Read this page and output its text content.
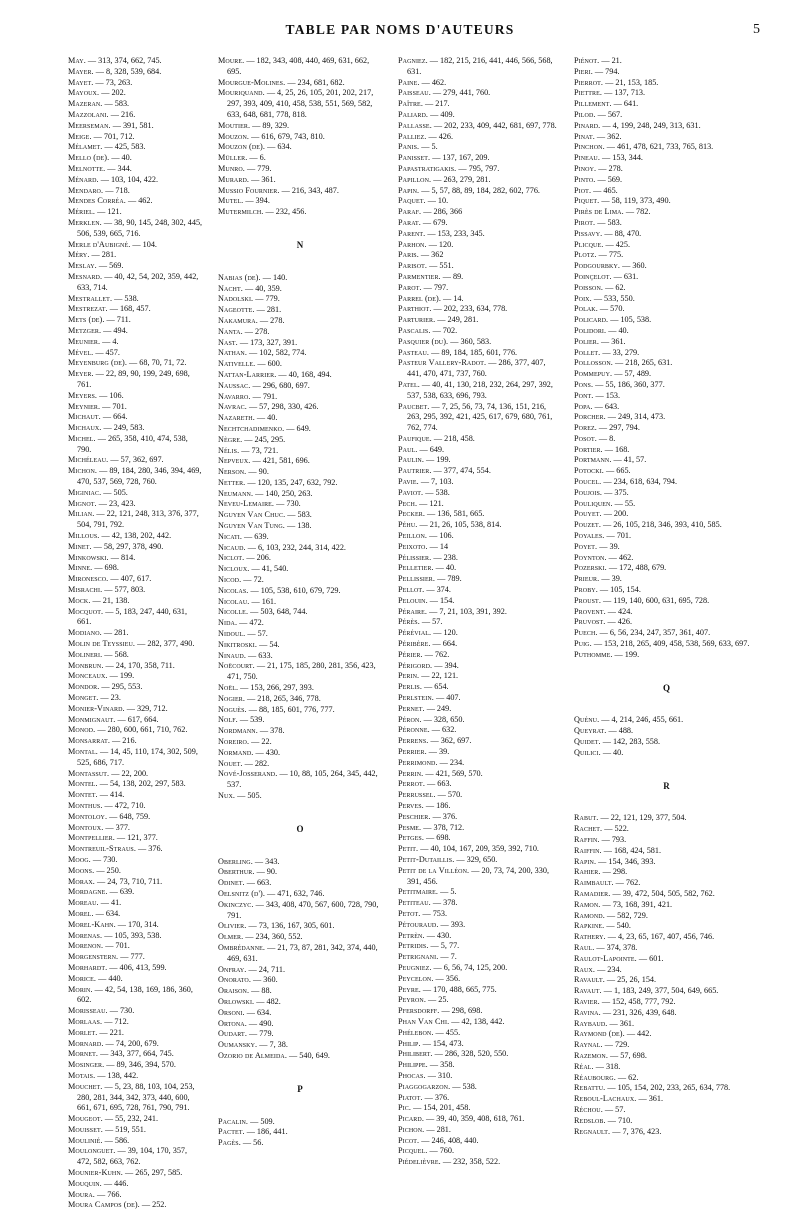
TABLE PAR NOMS D'AUTEURS	5
May. — 313, 374, 662, 745.
Mayer. — 8, 328, 539, 684.
Mayet. — 73, 263.
Mayoux. — 202.
Mazeran. — 583.
Mazzolani. — 216.
Meerseman. — 391, 581.
Meige. — 701, 712.
Mélamet. — 425, 583.
Mello (de). — 40.
Melnotte. — 344.
Ménard. — 103, 104, 422.
Mendaro. — 718.
Mendes Corréa. — 462.
Mériel. — 121.
Merklen. — 38, 90, 145, 248, 302, 445, 506, 539, 665, 716.
Merle d'Aubigné. — 104.
Méry. — 281.
Meslay. — 569.
Mesnard. — 40, 42, 54, 202, 359, 442, 633, 714.
Mestrallet. — 538.
Mestrezat. — 168, 457.
Mets (de). — 711.
Metzger. — 494.
Meunier. — 4.
Mével. — 457.
Meyenburg (de). — 68, 70, 71, 72.
Meyer. — 22, 89, 90, 199, 249, 698, 761.
Meyers. — 106.
Meynier. — 701.
Michaut. — 664.
Michaux. — 249, 583.
Michel. — 265, 358, 410, 474, 538, 790.
Michéleau. — 57, 362, 697.
Michon. — 89, 184, 280, 346, 394, 469, 470, 537, 569, 728, 760.
Miginiac. — 505.
Mignot. — 23, 423.
Milian. — 22, 121, 248, 313, 376, 377, 504, 791, 792.
Millous. — 42, 138, 202, 442.
Minet. — 58, 297, 378, 490.
Minkowski. — 814.
Minne. — 698.
Mironesco. — 407, 617.
Misrachi. — 577, 803.
Mock. — 21, 138.
Mocquot. — 5, 183, 247, 440, 631, 661.
Modiano. — 281.
Molin de Teyssieu. — 282, 377, 490.
Molineri. — 568.
Monbrun. — 24, 170, 358, 711.
Monceaux. — 199.
Mondor. — 295, 553.
Monget. — 23.
Monier-Vinard. — 329, 712.
Monmignaut. — 617, 664.
Monod. — 280, 600, 661, 710, 762.
Monsarrat. — 216.
Montal. — 14, 45, 110, 174, 302, 509, 525, 686, 717.
Montassut. — 22, 200.
Montel. — 54, 138, 202, 297, 583.
Montet. — 414.
Monthus. — 472, 710.
Montoloy. — 648, 759.
Montoux. — 377.
Montpellier. — 121, 377.
Montreuil-Straus. — 376.
Moog. — 730.
Moons. — 250.
Morax. — 24, 73, 710, 711.
Mordagne. — 639.
Moreau. — 41.
Morel. — 634.
Morel-Kahn. — 170, 314.
Morenas. — 105, 393, 538.
Morenon. — 701.
Morgenstern. — 777.
Morhardt. — 406, 413, 599.
Morice. — 440.
Morin. — 42, 54, 138, 169, 186, 360, 602.
Morisseau. — 730.
Morlaas. — 712.
Morlet. — 221.
Mornard. — 74, 200, 679.
Mornet. — 343, 377, 664, 745.
Mosinger. — 89, 346, 394, 570.
Motais. — 138, 442.
Mouchet. — 5, 23, 88, 103, 104, 253, 280, 281, 344, 342, 373, 440, 600, 661, 671, 695, 728, 761, 790, 791.
Mougeot. — 55, 232, 241.
Mouisset. — 519, 551.
Moulinié. — 586.
Moulonguet. — 39, 104, 170, 357, 472, 582, 663, 762.
Mounier-Kuhn. — 265, 297, 585.
Mouquin. — 446.
Moura. — 766.
Moura Campos (de). — 252.
Moure. — 182, 343, 408, 440, 469, 631, 662, 695.
Mourgue-Molines. — 234, 681, 682.
Mouriquand. — 4, 25, 26, 105, 201, 202, 217, 297, 393, 409, 410, 458, 538, 551, 569, 582, 633, 648, 681, 778, 818.
Moutier. — 89, 329.
Mouzon. — 616, 679, 743, 810.
Mouzon (de). — 634.
Müller. — 6.
Munro. — 779.
Murard. — 361.
Mussio Fournier. — 216, 343, 487.
Mutel. — 394.
Mutermilch. — 232, 456.
N
Nabias (de). — 140.
Nacht. — 40, 359.
Nadolski. — 779.
Nageotte. — 281.
Nakamura. — 278.
Nanta. — 278.
Nast. — 173, 327, 391.
Nathan. — 102, 582, 774.
Nativelle. — 600.
Nattan-Larrier. — 40, 168, 494.
Naussac. — 296, 680, 697.
Navarro. — 791.
Navrac. — 57, 298, 330, 426.
Nazareth. — 40.
Nechtchadimenko. — 649.
Nègre. — 245, 295.
Nélis. — 73, 721.
Nepveux. — 421, 581, 696.
Nerson. — 90.
Netter. — 120, 135, 247, 632, 792.
Neumann. — 140, 250, 263.
Neveu-Lemaire. — 730.
Nguyen Van Chuc. — 583.
Nguyen Van Tung. — 138.
Nicati. — 639.
Nicaud. — 6, 103, 232, 244, 314, 422.
Niclot. — 206.
Nicloux. — 41, 540.
Nicod. — 72.
Nicolas. — 105, 538, 610, 679, 729.
Nicolau. — 161.
Nicolle. — 503, 648, 744.
Nida. — 472.
Nidoul. — 57.
Nikitroski. — 54.
Ninaud. — 633.
Noëcourt. — 21, 175, 185, 280, 281, 356, 423, 471, 750.
Noël. — 153, 266, 297, 393.
Nogier. — 218, 265, 346, 778.
Noguès. — 88, 185, 601, 776, 777.
Nolf. — 539.
Nordmann. — 378.
Noreiro. — 22.
Normand. — 430.
Nouet. — 282.
Nové-Josserand. — 10, 88, 105, 264, 345, 442, 537.
Nux. — 505.
O
Oberling. — 343.
Oberthur. — 90.
Odinet. — 663.
Oelsnitz (d'). — 471, 632, 746.
Okinczyc. — 343, 408, 470, 567, 600, 728, 790, 791.
Olivier. — 73, 136, 167, 305, 601.
Olmer. — 234, 360, 552.
Ombrédanne. — 21, 73, 87, 281, 342, 374, 440, 469, 631.
Onfray. — 24, 711.
Onorato. — 360.
Oraison. — 88.
Orlowski. — 482.
Orsoni. — 634.
Ortona. — 490.
Oudart. — 779.
Oumansky. — 7, 38.
Ozorio de Almeida. — 540, 649.
P
Pacalin. — 509.
Pactet. — 186, 441.
Pagès. — 56.
Pagniez. — 182, 215, 216, 441, 446, 566, 568, 631.
Paine. — 462.
Paisseau. — 279, 441, 760.
Paître. — 217.
Paliard. — 409.
Pallasse. — 202, 233, 409, 442, 681, 697, 778.
Palliez. — 426.
Panis. — 5.
Panisset. — 137, 167, 209.
Papastratigakis. — 795, 797.
Papillon. — 263, 279, 281.
Papin. — 5, 57, 88, 89, 184, 282, 602, 776.
Paquet. — 10.
Paraf. — 286, 366
Parat. — 679.
Parent. — 153, 233, 345.
Parhon. — 120.
Paris. — 362
Parisot. — 551.
Parmentier. — 89.
Parot. — 797.
Parrel (de). — 14.
Parthiot. — 202, 233, 634, 778.
Parturier. — 249, 281.
Pascalis. — 702.
Pasquier (du). — 360, 583.
Pasteau. — 89, 184, 185, 601, 776.
Pasteur Vallery-Radot. — 286, 377, 407, 441, 470, 471, 737, 760.
Patel. — 40, 41, 130, 218, 232, 264, 297, 392, 537, 538, 633, 696, 793.
Paucbet. — 7, 25, 56, 73, 74, 136, 151, 216, 263, 295, 392, 421, 425, 617, 679, 680, 761, 762, 774.
Paufique. — 218, 458.
Paul. — 649.
Paulin. — 199.
Pautrier. — 377, 474, 554.
Pavie. — 7, 103.
Paviot. — 538.
Pech. — 121.
Pecker. — 136, 581, 665.
Péhu. — 21, 26, 105, 538, 814.
Peillon. — 106.
Peixoto. — 14
Pélissier. — 238.
Pelletier. — 40.
Pellissier. — 789.
Pellot. — 374.
Pelouin. — 154.
Péraire. — 7, 21, 103, 391, 392.
Pérès. — 57.
Pérévial. — 120.
Péribère. — 664.
Périer. — 762.
Périgord. — 394.
Perin. — 22, 121.
Perlis. — 654.
Perlstein. — 407.
Pernet. — 249.
Péron. — 328, 650.
Péronne. — 632.
Perrens. — 362, 697.
Perrier. — 39.
Perrimond. — 234.
Perrin. — 421, 569, 570.
Perrot. — 663.
Perrussel. — 570.
Perves. — 186.
Peschier. — 376.
Pesme. — 378, 712.
Petges. — 698.
Petit. — 40, 104, 167, 209, 359, 392, 710.
Petit-Dutaillis. — 329, 650.
Petit de la Villéon. — 20, 73, 74, 200, 330, 391, 456.
Petitmaire. — 5.
Petiteau. — 378.
Petot. — 753.
Pétouraud. — 393.
Petrèn. — 430.
Petridis. — 5, 77.
Petrignani. — 7.
Peugniez. — 6, 56, 74, 125, 200.
Peycelon. — 356.
Peyre. — 170, 488, 665, 775.
Peyron. — 25.
Pfersdorff. — 298, 698.
Phan Van Chi. — 42, 138, 442.
Phélebon. — 455.
Philip. — 154, 473.
Philibert. — 286, 328, 520, 550.
Philippe. — 358.
Phocas. — 310.
Piaggogarzon. — 538.
Piatot. — 376.
Pic. — 154, 201, 458.
Picard. — 39, 40, 359, 408, 618, 761.
Pichon. — 281.
Picot. — 246, 408, 440.
Picquel. — 760.
Piédelièvre. — 232, 358, 522.
Piénot. — 21.
Pieri. — 794.
Pierrot. — 21, 153, 185.
Piettre. — 137, 713.
Pillement. — 641.
Pilod. — 567.
Pinard. — 4, 199, 248, 249, 313, 631.
Pinat. — 362.
Pinchon. — 461, 478, 621, 733, 765, 813.
Pineau. — 153, 344.
Pinoy. — 278.
Pinto. — 569.
Piot. — 465.
Piquet. — 58, 119, 373, 490.
Pirès de Lima. — 782.
Pirot. — 583.
Pissavy. — 88, 470.
Plicque. — 425.
Plotz. — 775.
Podgourbky. — 360.
Poinçelot. — 631.
Poisson. — 62.
Poix. — 533, 550.
Polak. — 570.
Policard. — 105, 538.
Polidori. — 40.
Polier. — 361.
Pollet. — 33, 279.
Pollosson. — 218, 265, 631.
Pommepuy. — 57, 489.
Pons. — 55, 186, 360, 377.
Pont. — 153.
Popa. — 643.
Porcher. — 249, 314, 473.
Porez. — 297, 794.
Posot. — 8.
Portier. — 168.
Portmann. — 41, 57.
Potocki. — 665.
Poucel. — 234, 618, 634, 794.
Poujois. — 375.
Pouliquen. — 55.
Pouyet. — 200.
Pouzet. — 26, 105, 218, 346, 393, 410, 585.
Poyales. — 701.
Poyet. — 39.
Poynton. — 462.
Pozerski. — 172, 488, 679.
Prieur. — 39.
Proby. — 105, 154.
Proust. — 119, 140, 600, 631, 695, 728.
Provent. — 424.
Pruvost. — 426.
Puech. — 6, 56, 234, 247, 357, 361, 407.
Puig. — 153, 218, 265, 409, 458, 538, 569, 633, 697.
Puthomme. — 199.
Q
Quénu. — 4, 214, 246, 455, 661.
Queyrat. — 488.
Quidet. — 142, 283, 558.
Quilici. — 40.
R
Rabut. — 22, 121, 129, 377, 504.
Rachet. — 522.
Raffin. — 793.
Raiffin. — 168, 424, 581.
Rapin. — 154, 346, 393.
Rahier. — 298.
Raimbault. — 762.
Ramadier. — 39, 472, 504, 505, 582, 762.
Ramon. — 73, 168, 391, 421.
Ramond. — 582, 729.
Rapkine. — 540.
Rathery. — 4, 23, 65, 167, 407, 456, 746.
Raul. — 374, 378.
Raulot-Lapointe. — 601.
Raux. — 234.
Ravault. — 25, 26, 154.
Ravaut. — 1, 183, 249, 377, 504, 649, 665.
Ravier. — 152, 458, 777, 792.
Ravina. — 231, 326, 439, 648.
Raybaud. — 361.
Raymond (de). — 442.
Raynal. — 729.
Razemon. — 57, 698.
Réal. — 318.
Réaubourg. — 62.
Rebattu. — 105, 154, 202, 233, 265, 634, 778.
Reboul-Lachaux. — 361.
Réchou. — 57.
Redslob. — 710.
Regnault. — 7, 376, 423.
